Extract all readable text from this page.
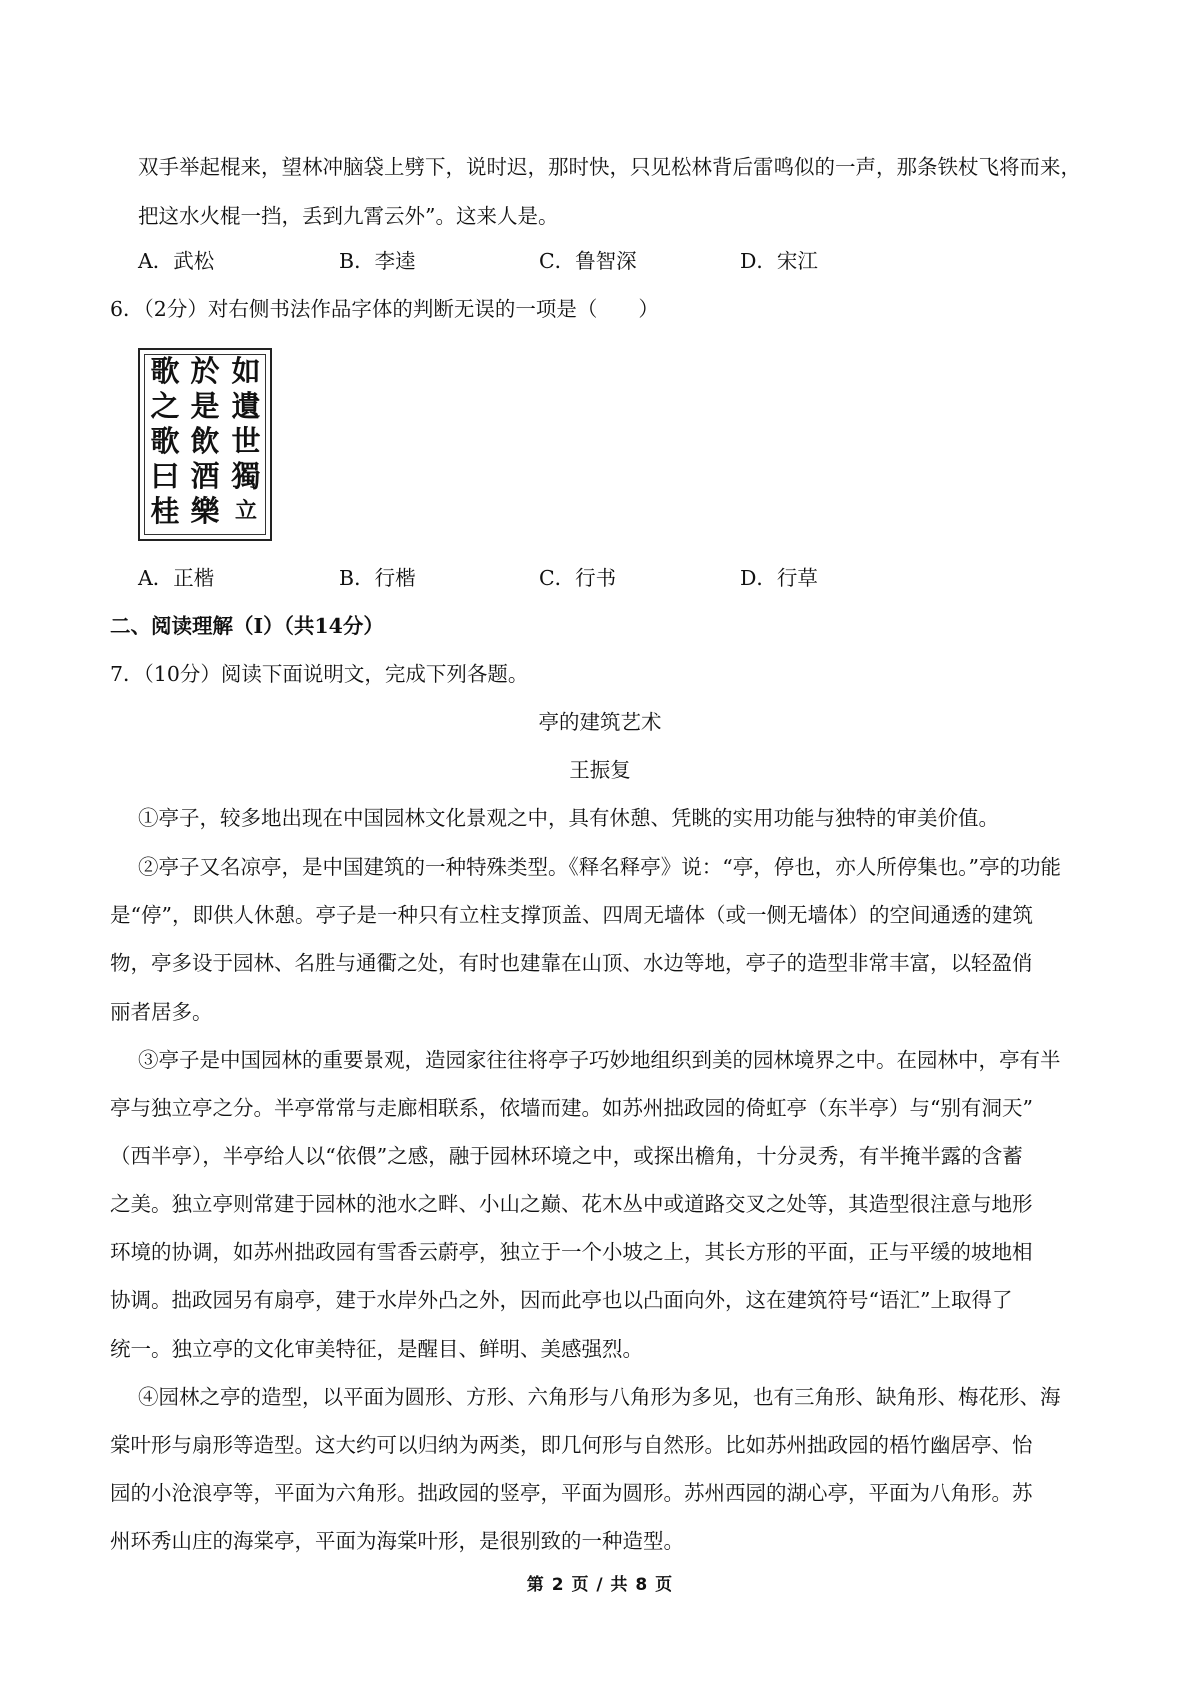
双手举起棍来，望林冲脑袋上劈下，说时迟，那时快，只见松林背后雷鸣似的一声，那条铁杖飞将而来，
把这水火棍一挡，丢到九霄云外”。这来人是。
A．武松	B．李逵	C．鲁智深	D．宋江
6．（2分）对右侧书法作品字体的判断无误的一项是（　　）
如
遺
世
獨
立
於
是
飲
酒
樂
歌
之
歌
曰
桂
A．正楷	B．行楷	C．行书	D．行草
二、阅读理解（Ⅰ）（共14分）
7．（10分）阅读下面说明文，完成下列各题。
亭的建筑艺术
王振复
①亭子，较多地出现在中国园林文化景观之中，具有休憩、凭眺的实用功能与独特的审美价值。
②亭子又名凉亭，是中国建筑的一种特殊类型。《释名释亭》说：“亭，停也，亦人所停集也。”亭的功能
是“停”，即供人休憩。亭子是一种只有立柱支撑顶盖、四周无墙体（或一侧无墙体）的空间通透的建筑
物，亭多设于园林、名胜与通衢之处，有时也建靠在山顶、水边等地，亭子的造型非常丰富，以轻盈俏
丽者居多。
③亭子是中国园林的重要景观，造园家往往将亭子巧妙地组织到美的园林境界之中。在园林中，亭有半
亭与独立亭之分。半亭常常与走廊相联系，依墙而建。如苏州拙政园的倚虹亭（东半亭）与“别有洞天”
（西半亭），半亭给人以“依偎”之感，融于园林环境之中，或探出檐角，十分灵秀，有半掩半露的含蓄
之美。独立亭则常建于园林的池水之畔、小山之巅、花木丛中或道路交叉之处等，其造型很注意与地形
环境的协调，如苏州拙政园有雪香云蔚亭，独立于一个小坡之上，其长方形的平面，正与平缓的坡地相
协调。拙政园另有扇亭，建于水岸外凸之外，因而此亭也以凸面向外，这在建筑符号“语汇”上取得了
统一。独立亭的文化审美特征，是醒目、鲜明、美感强烈。
④园林之亭的造型，以平面为圆形、方形、六角形与八角形为多见，也有三角形、缺角形、梅花形、海
棠叶形与扇形等造型。这大约可以归纳为两类，即几何形与自然形。比如苏州拙政园的梧竹幽居亭、怡
园的小沧浪亭等，平面为六角形。拙政园的竖亭，平面为圆形。苏州西园的湖心亭，平面为八角形。苏
州环秀山庄的海棠亭，平面为海棠叶形，是很别致的一种造型。
第 2 页 / 共 8 页
